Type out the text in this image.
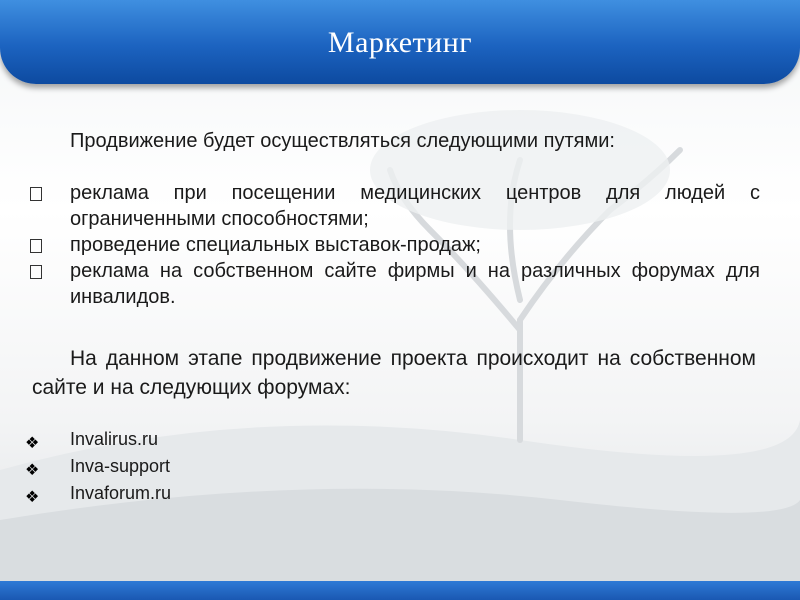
Маркетинг
Продвижение будет осуществляться следующими путями:
реклама при посещении медицинских центров для людей с ограниченными способностями;
проведение специальных выставок-продаж;
реклама на собственном сайте фирмы и на различных форумах для инвалидов.
На данном этапе продвижение проекта происходит на собственном сайте и на следующих форумах:
❖ Invalirus.ru
❖ Inva-support
❖ Invaforum.ru
